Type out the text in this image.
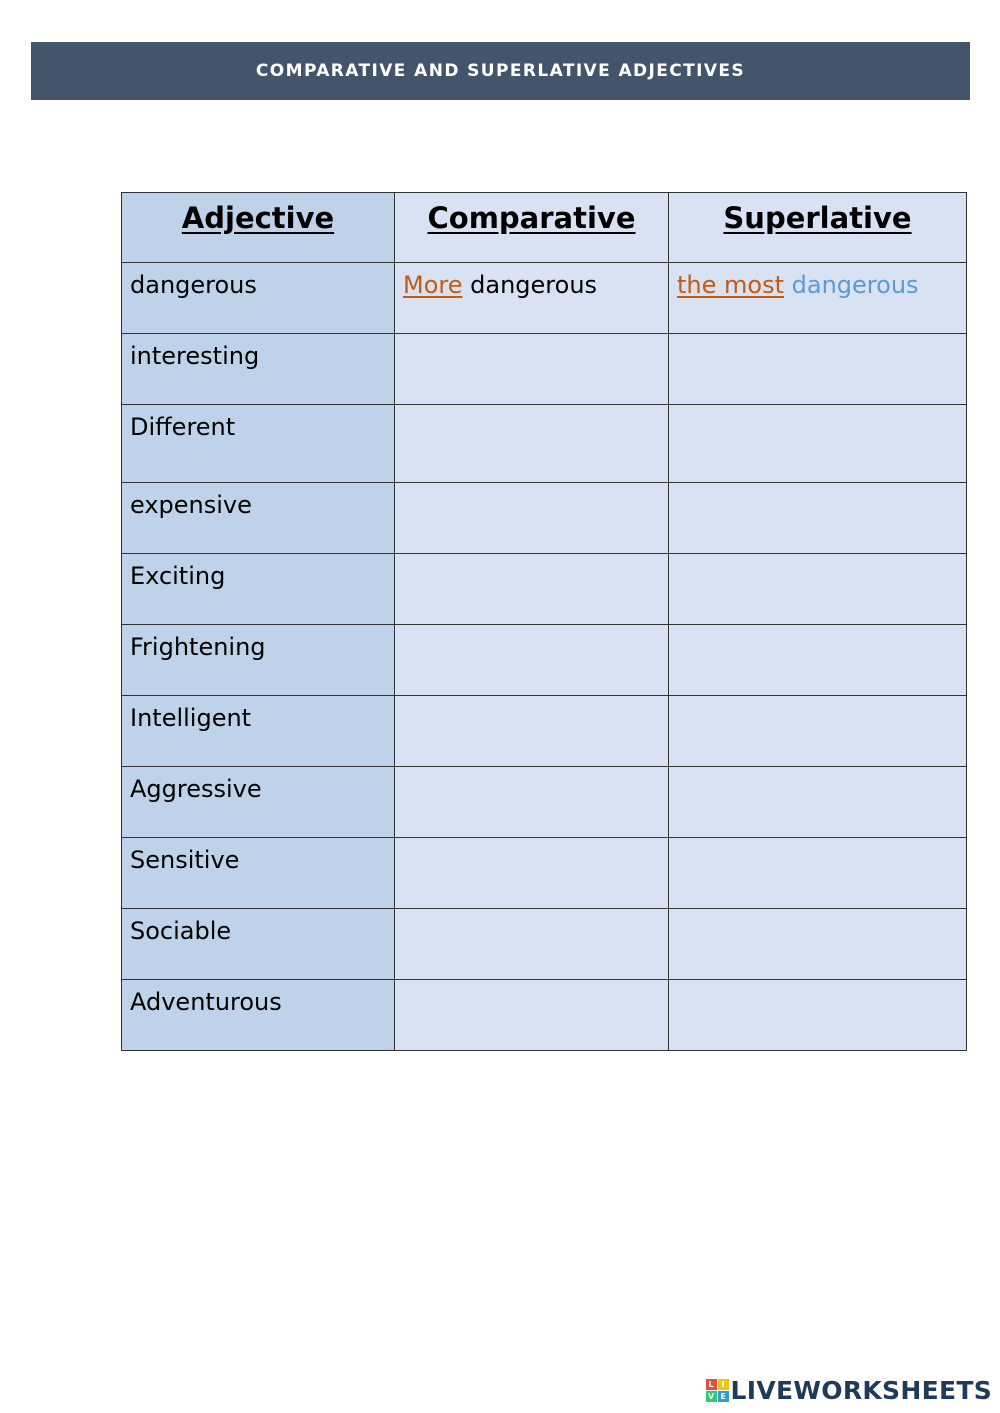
COMPARATIVE AND SUPERLATIVE ADJECTIVES
Adjective	Comparative	Superlative
dangerous	More dangerous	the most dangerous
interesting		
Different		
expensive		
Exciting		
Frightening		
Intelligent		
Aggressive		
Sensitive		
Sociable		
Adventurous		
L I
V E LIVEWORKSHEETS
